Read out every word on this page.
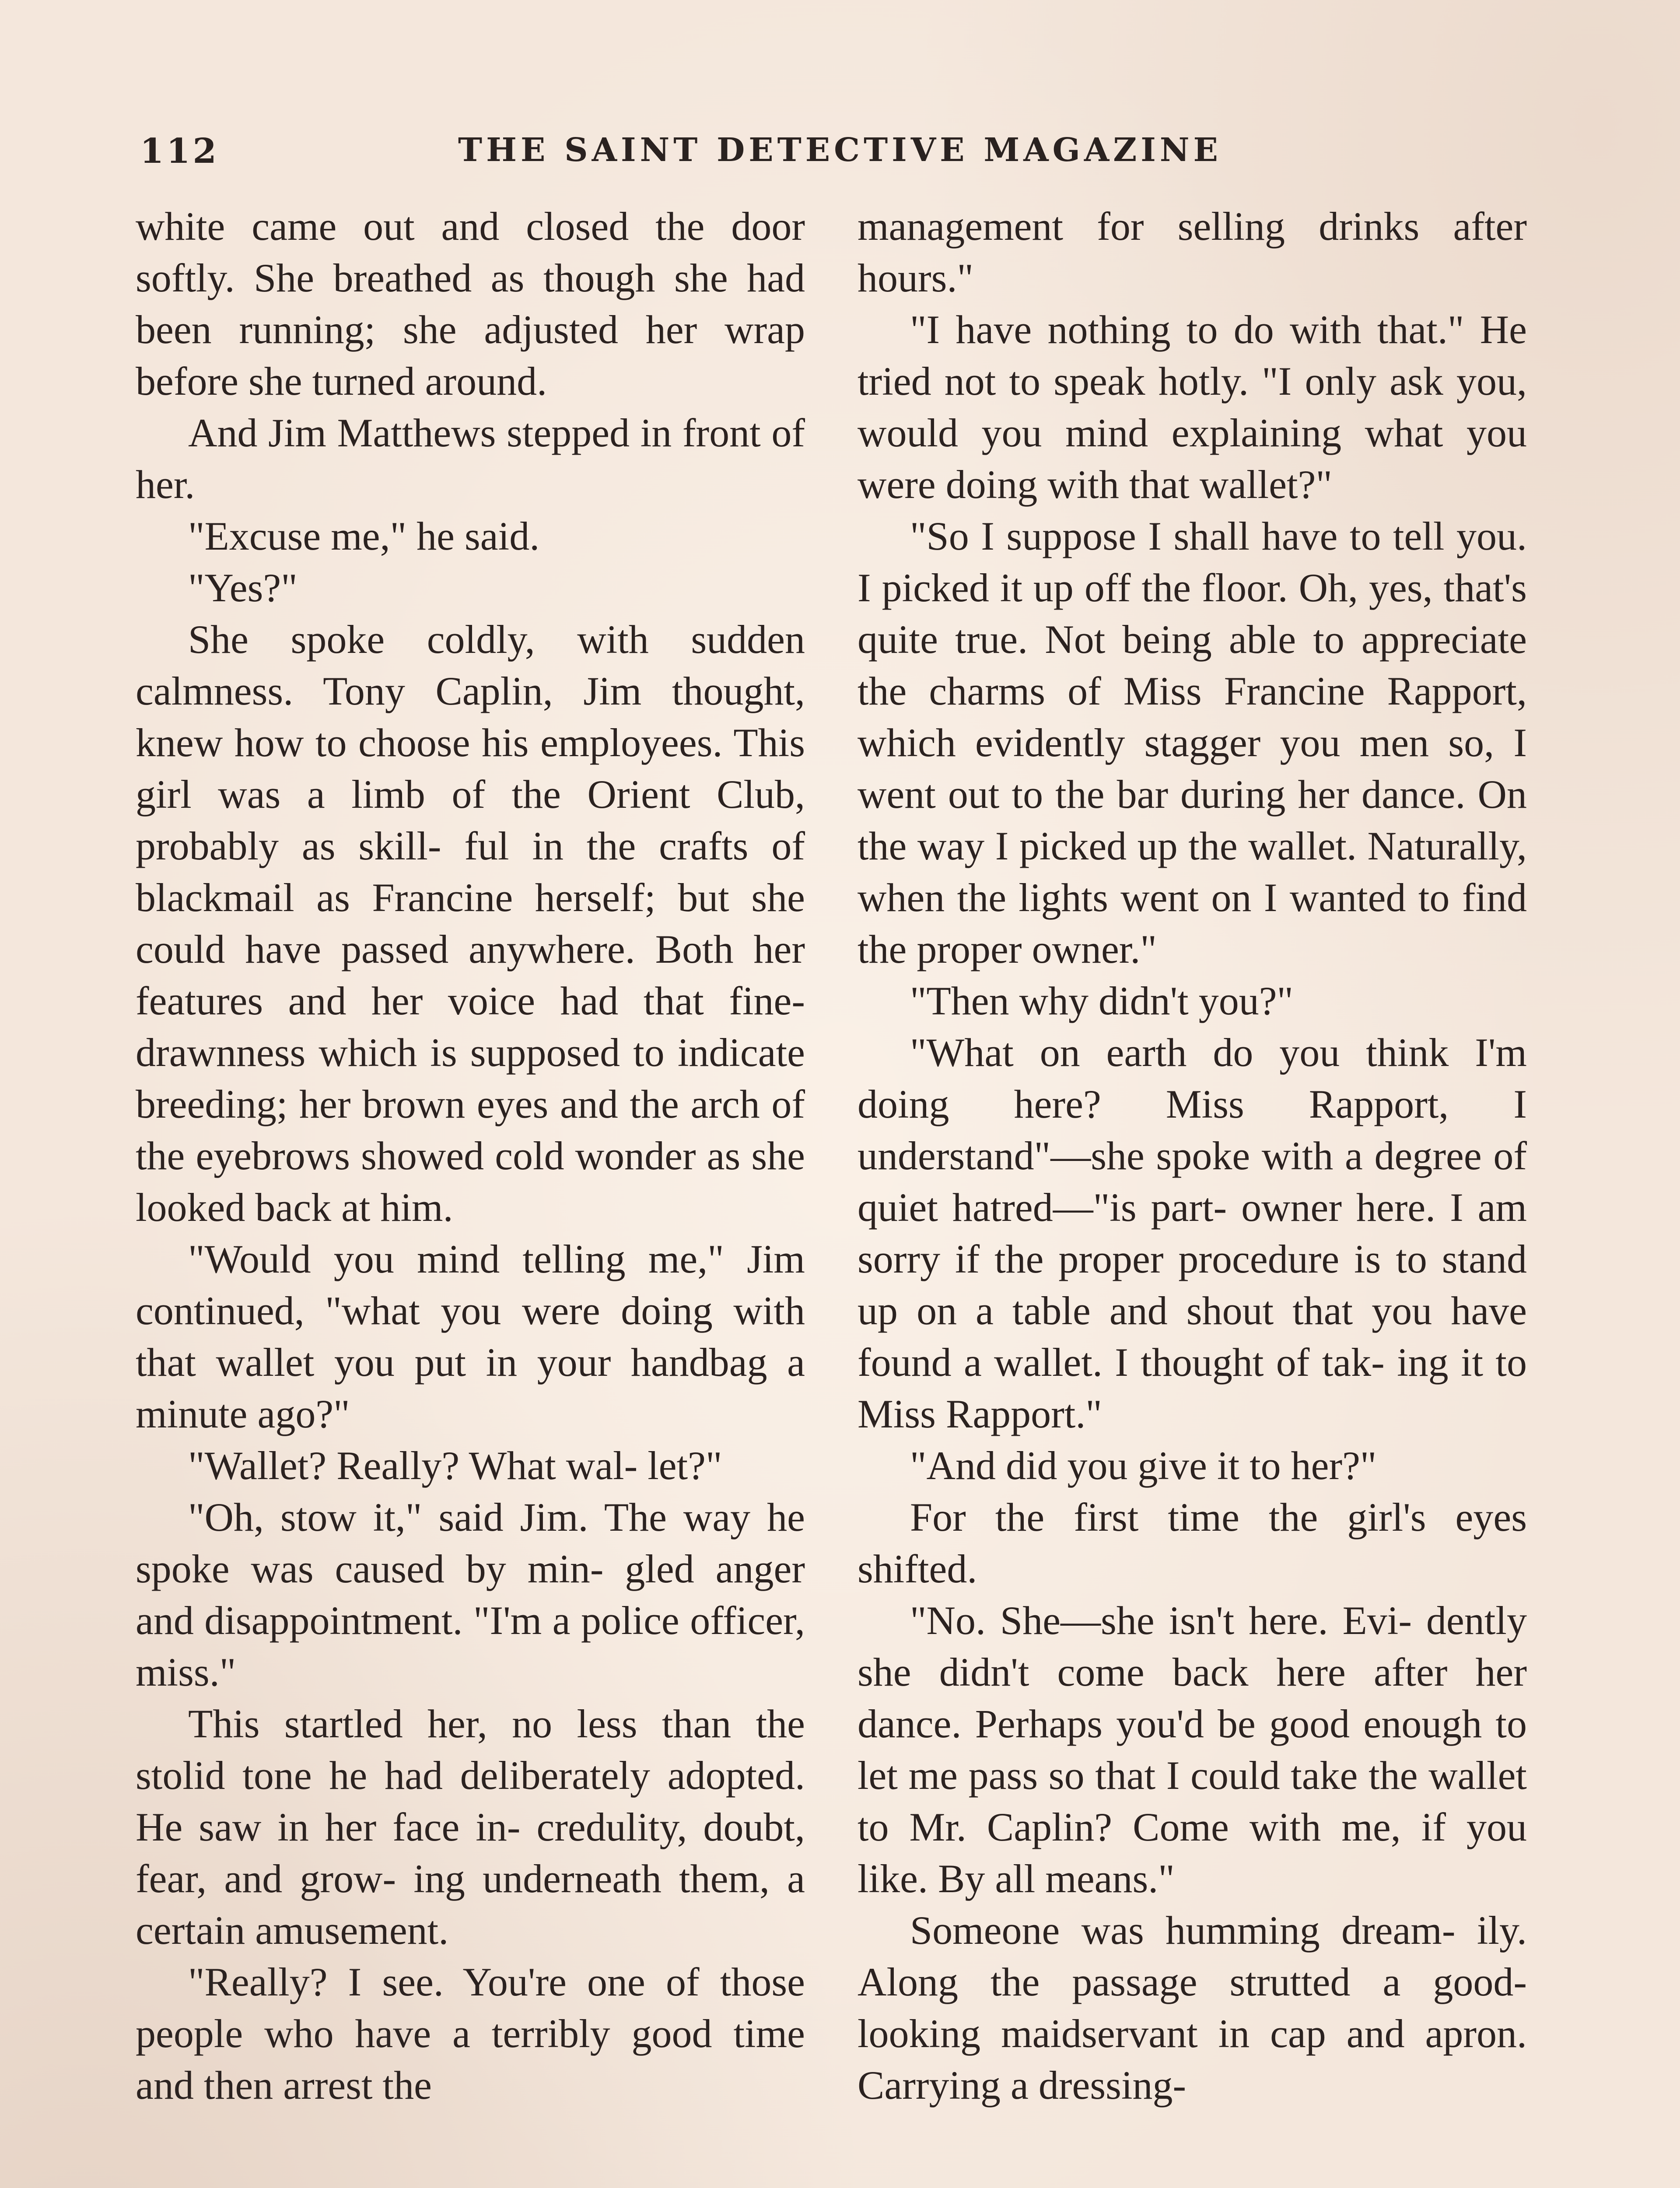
112	THE SAINT DETECTIVE MAGAZINE

white came out and closed the door softly. She breathed as though she had been running; she adjusted her wrap before she turned around.

And Jim Matthews stepped in front of her.

"Excuse me," he said.

"Yes?"

She spoke coldly, with sudden calmness. Tony Caplin, Jim thought, knew how to choose his employees. This girl was a limb of the Orient Club, probably as skill- ful in the crafts of blackmail as Francine herself; but she could have passed anywhere. Both her features and her voice had that fine-drawnness which is supposed to indicate breeding; her brown eyes and the arch of the eyebrows showed cold wonder as she looked back at him.

"Would you mind telling me," Jim continued, "what you were doing with that wallet you put in your handbag a minute ago?"

"Wallet? Really? What wal- let?"

"Oh, stow it," said Jim. The way he spoke was caused by min- gled anger and disappointment. "I'm a police officer, miss."

This startled her, no less than the stolid tone he had deliberately adopted. He saw in her face in- credulity, doubt, fear, and grow- ing underneath them, a certain amusement.

"Really? I see. You're one of those people who have a terribly good time and then arrest the

management for selling drinks after hours."

"I have nothing to do with that." He tried not to speak hotly. "I only ask you, would you mind explaining what you were doing with that wallet?"

"So I suppose I shall have to tell you. I picked it up off the floor. Oh, yes, that's quite true. Not being able to appreciate the charms of Miss Francine Rapport, which evidently stagger you men so, I went out to the bar during her dance. On the way I picked up the wallet. Naturally, when the lights went on I wanted to find the proper owner."

"Then why didn't you?"

"What on earth do you think I'm doing here? Miss Rapport, I understand"—she spoke with a degree of quiet hatred—"is part- owner here. I am sorry if the proper procedure is to stand up on a table and shout that you have found a wallet. I thought of tak- ing it to Miss Rapport."

"And did you give it to her?"

For the first time the girl's eyes shifted.

"No. She—she isn't here. Evi- dently she didn't come back here after her dance. Perhaps you'd be good enough to let me pass so that I could take the wallet to Mr. Caplin? Come with me, if you like. By all means."

Someone was humming dream- ily. Along the passage strutted a good-looking maidservant in cap and apron. Carrying a dressing-
